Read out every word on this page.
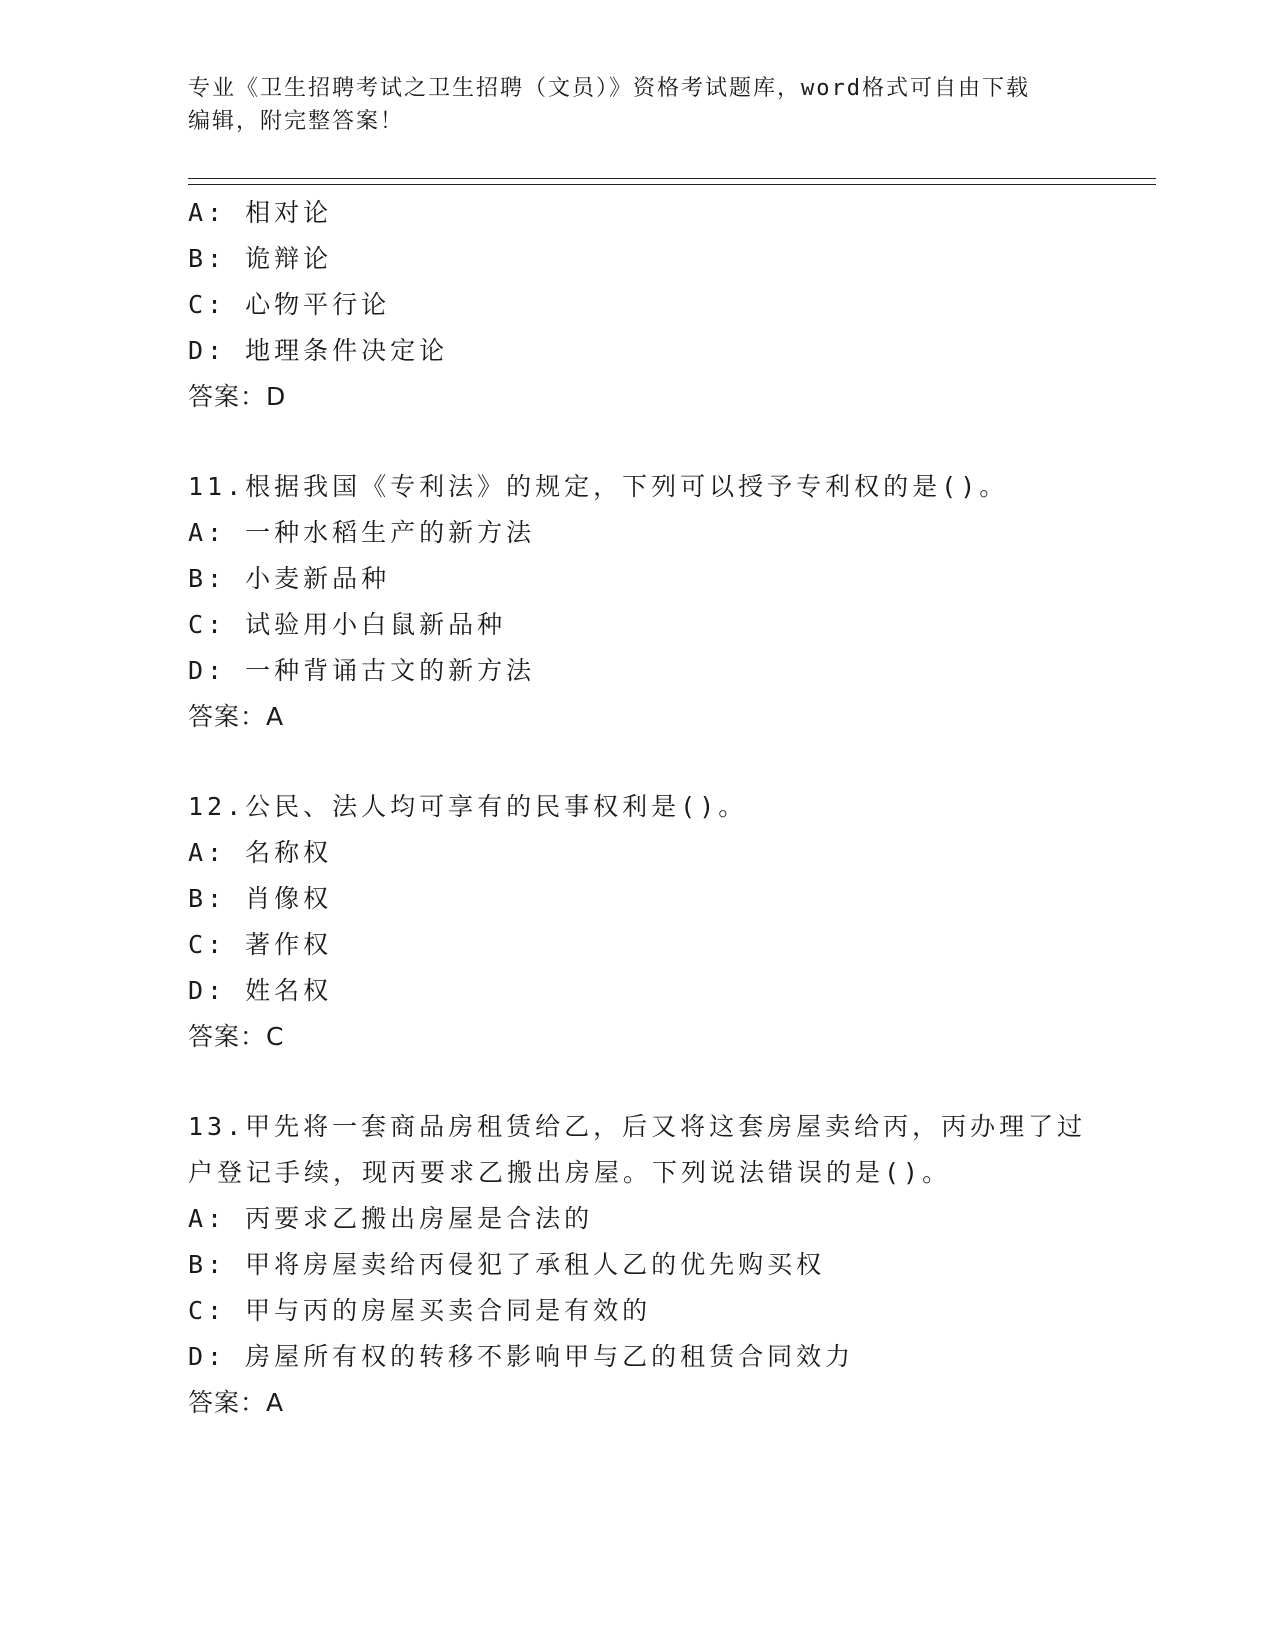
专业《卫生招聘考试之卫生招聘（文员）》资格考试题库，word格式可自由下载
编辑，附完整答案！
A: 相对论
B: 诡辩论
C: 心物平行论
D: 地理条件决定论
答案：D
11.根据我国《专利法》的规定，下列可以授予专利权的是()。
A: 一种水稻生产的新方法
B: 小麦新品种
C: 试验用小白鼠新品种
D: 一种背诵古文的新方法
答案：A
12.公民、法人均可享有的民事权利是()。
A: 名称权
B: 肖像权
C: 著作权
D: 姓名权
答案：C
13.甲先将一套商品房租赁给乙，后又将这套房屋卖给丙，丙办理了过
户登记手续，现丙要求乙搬出房屋。下列说法错误的是()。
A: 丙要求乙搬出房屋是合法的
B: 甲将房屋卖给丙侵犯了承租人乙的优先购买权
C: 甲与丙的房屋买卖合同是有效的
D: 房屋所有权的转移不影响甲与乙的租赁合同效力
答案：A
